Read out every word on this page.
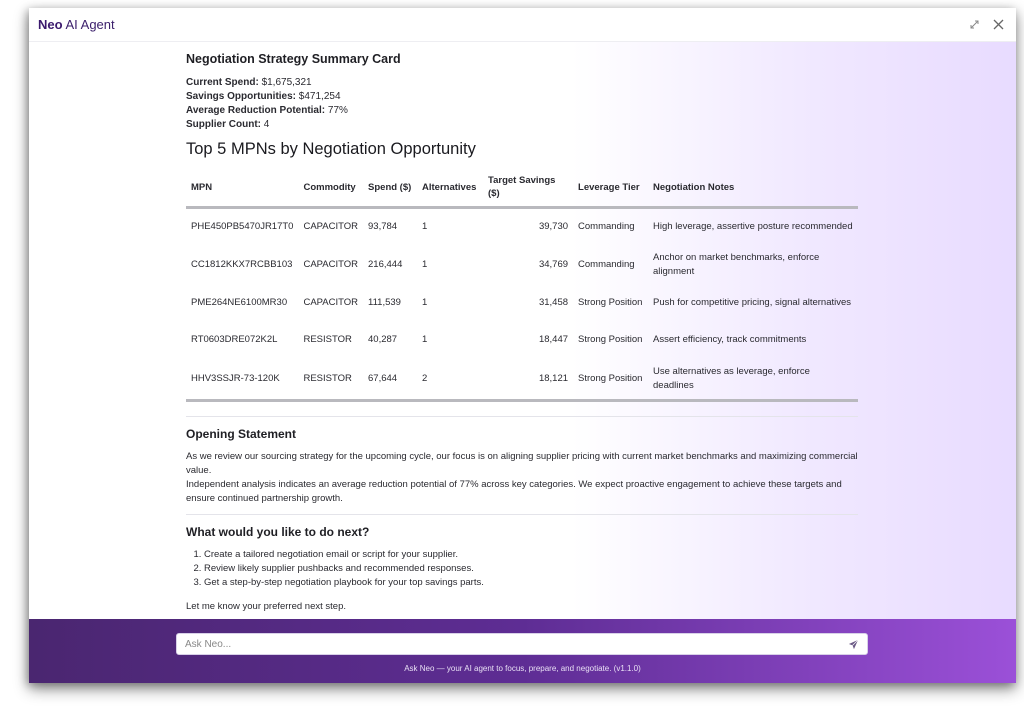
Neo AI Agent
Negotiation Strategy Summary Card
Current Spend: $1,675,321
Savings Opportunities: $471,254
Average Reduction Potential: 77%
Supplier Count: 4
Top 5 MPNs by Negotiation Opportunity
MPN	Commodity	Spend ($)	Alternatives	Target Savings ($)	Leverage Tier	Negotiation Notes
PHE450PB5470JR17T0	CAPACITOR	93,784	1	39,730	Commanding	High leverage, assertive posture recommended
CC1812KKX7RCBB103	CAPACITOR	216,444	1	34,769	Commanding	Anchor on market benchmarks, enforce alignment
PME264NE6100MR30	CAPACITOR	111,539	1	31,458	Strong Position	Push for competitive pricing, signal alternatives
RT0603DRE072K2L	RESISTOR	40,287	1	18,447	Strong Position	Assert efficiency, track commitments
HHV3SSJR-73-120K	RESISTOR	67,644	2	18,121	Strong Position	Use alternatives as leverage, enforce deadlines
Opening Statement

As we review our sourcing strategy for the upcoming cycle, our focus is on aligning supplier pricing with current market benchmarks and maximizing commercial value.

Independent analysis indicates an average reduction potential of 77% across key categories. We expect proactive engagement to achieve these targets and ensure continued partnership growth.

What would you like to do next?
1. Create a tailored negotiation email or script for your supplier.
2. Review likely supplier pushbacks and recommended responses.
3. Get a step-by-step negotiation playbook for your top savings parts.

Let me know your preferred next step.

Ask Neo...
Ask Neo — your AI agent to focus, prepare, and negotiate. (v1.1.0)
